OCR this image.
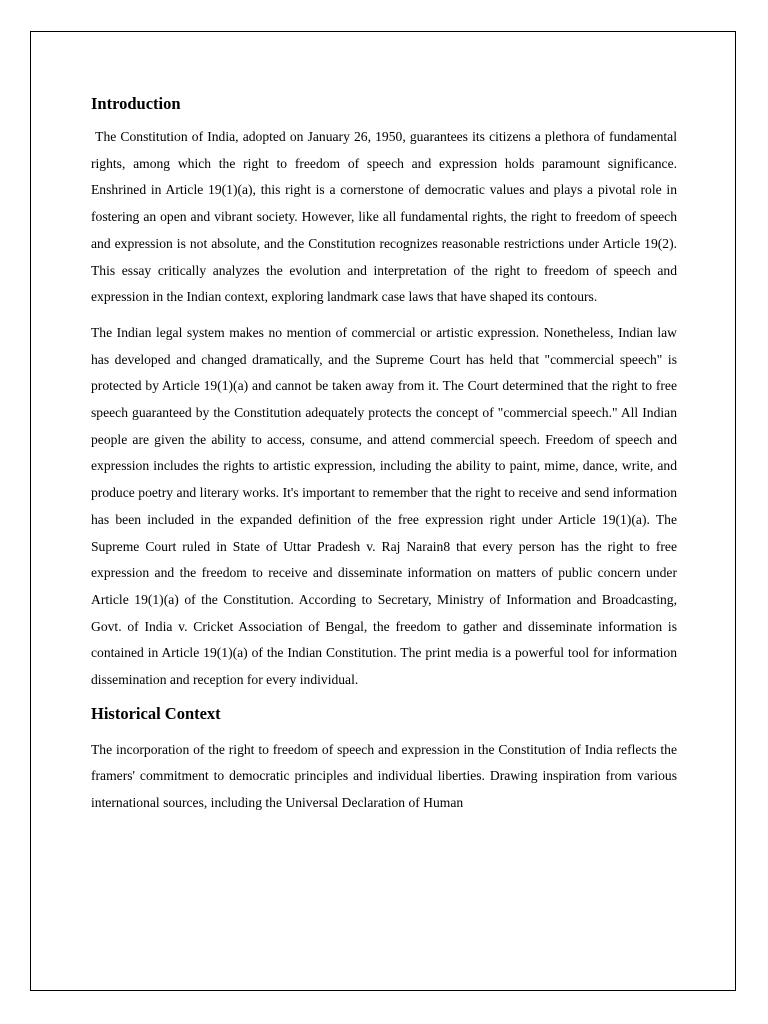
Introduction

The Constitution of India, adopted on January 26, 1950, guarantees its citizens a plethora of fundamental rights, among which the right to freedom of speech and expression holds paramount significance. Enshrined in Article 19(1)(a), this right is a cornerstone of democratic values and plays a pivotal role in fostering an open and vibrant society. However, like all fundamental rights, the right to freedom of speech and expression is not absolute, and the Constitution recognizes reasonable restrictions under Article 19(2). This essay critically analyzes the evolution and interpretation of the right to freedom of speech and expression in the Indian context, exploring landmark case laws that have shaped its contours.

The Indian legal system makes no mention of commercial or artistic expression. Nonetheless, Indian law has developed and changed dramatically, and the Supreme Court has held that "commercial speech" is protected by Article 19(1)(a) and cannot be taken away from it. The Court determined that the right to free speech guaranteed by the Constitution adequately protects the concept of "commercial speech." All Indian people are given the ability to access, consume, and attend commercial speech. Freedom of speech and expression includes the rights to artistic expression, including the ability to paint, mime, dance, write, and produce poetry and literary works. It's important to remember that the right to receive and send information has been included in the expanded definition of the free expression right under Article 19(1)(a). The Supreme Court ruled in State of Uttar Pradesh v. Raj Narain8 that every person has the right to free expression and the freedom to receive and disseminate information on matters of public concern under Article 19(1)(a) of the Constitution. According to Secretary, Ministry of Information and Broadcasting, Govt. of India v. Cricket Association of Bengal, the freedom to gather and disseminate information is contained in Article 19(1)(a) of the Indian Constitution. The print media is a powerful tool for information dissemination and reception for every individual.

Historical Context

The incorporation of the right to freedom of speech and expression in the Constitution of India reflects the framers' commitment to democratic principles and individual liberties. Drawing inspiration from various international sources, including the Universal Declaration of Human
